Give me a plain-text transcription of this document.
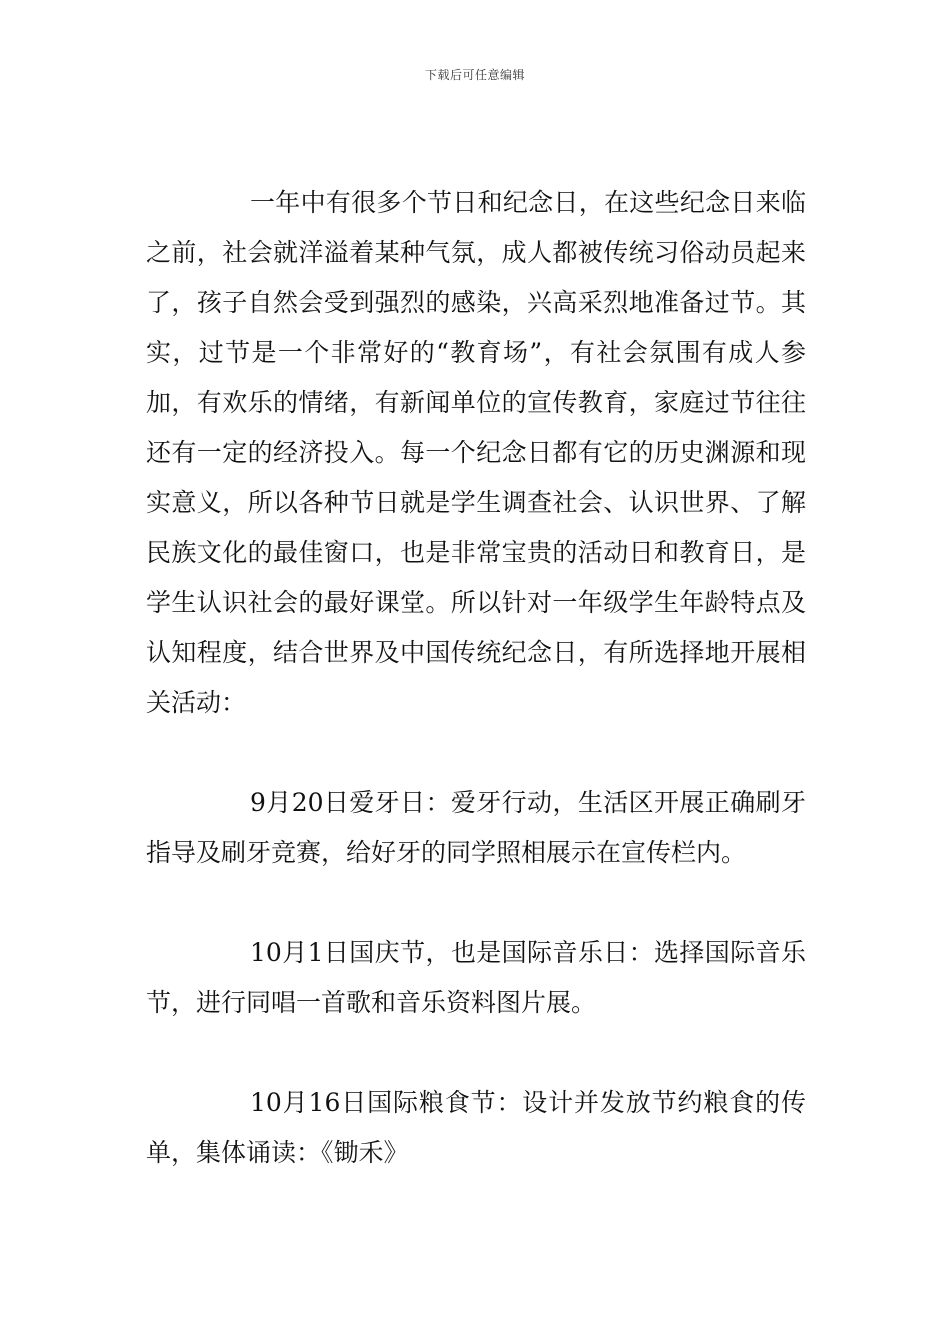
下载后可任意编辑

一年中有很多个节日和纪念日，在这些纪念日来临之前，社会就洋溢着某种气氛，成人都被传统习俗动员起来了，孩子自然会受到强烈的感染，兴高采烈地准备过节。其实，过节是一个非常好的“教育场”，有社会氛围有成人参加，有欢乐的情绪，有新闻单位的宣传教育，家庭过节往往还有一定的经济投入。每一个纪念日都有它的历史渊源和现实意义，所以各种节日就是学生调查社会、认识世界、了解民族文化的最佳窗口，也是非常宝贵的活动日和教育日，是学生认识社会的最好课堂。所以针对一年级学生年龄特点及认知程度，结合世界及中国传统纪念日，有所选择地开展相关活动：

9月20日爱牙日：爱牙行动，生活区开展正确刷牙指导及刷牙竞赛，给好牙的同学照相展示在宣传栏内。

10月1日国庆节，也是国际音乐日：选择国际音乐节，进行同唱一首歌和音乐资料图片展。

10月16日国际粮食节：设计并发放节约粮食的传单，集体诵读：《锄禾》
